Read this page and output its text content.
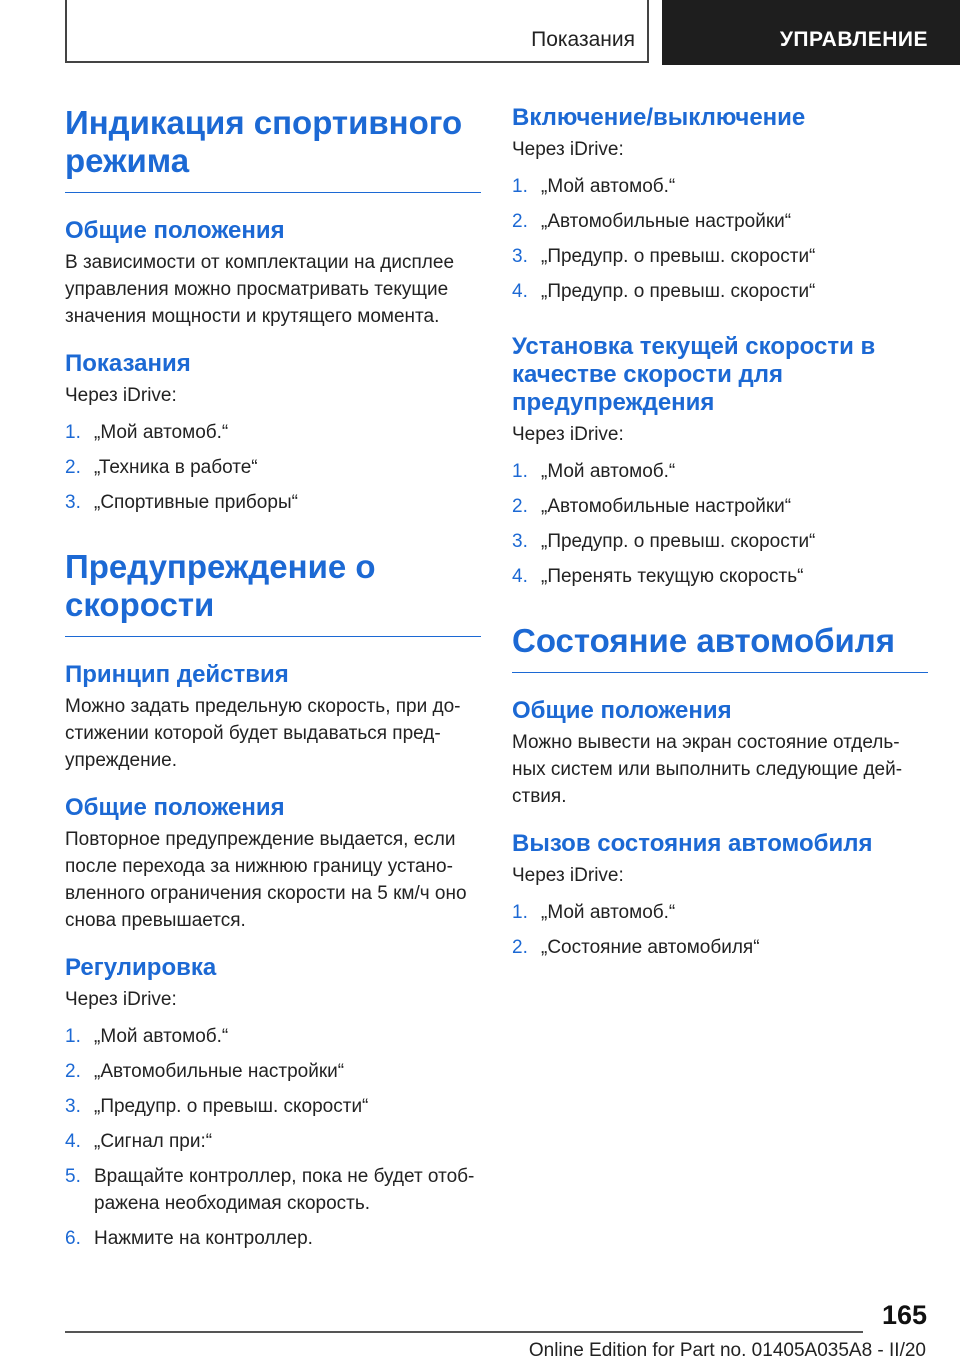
Показания	УПРАВЛЕНИЕ
Индикация спортивного режима
Общие положения

В зависимости от комплектации на дисплее управления можно просматривать текущие значения мощности и крутящего момента.

Показания

Через iDrive:

1. „Мой автомоб.“
2. „Техника в работе“
3. „Спортивные приборы“
Предупреждение о скорости
Принцип действия

Можно задать предельную скорость, при до-стижении которой будет выдаваться пред-упреждение.

Общие положения

Повторное предупреждение выдается, если после перехода за нижнюю границу устано-вленного ограничения скорости на 5 км/ч оно снова превышается.

Регулировка

Через iDrive:

1. „Мой автомоб.“
2. „Автомобильные настройки“
3. „Предупр. о превыш. скорости“
4. „Сигнал при:“
5. Вращайте контроллер, пока не будет отоб-ражена необходимая скорость.
6. Нажмите на контроллер.
Включение/выключение

Через iDrive:

1. „Мой автомоб.“
2. „Автомобильные настройки“
3. „Предупр. о превыш. скорости“
4. „Предупр. о превыш. скорости“
Установка текущей скорости в качестве скорости для предупреждения

Через iDrive:

1. „Мой автомоб.“
2. „Автомобильные настройки“
3. „Предупр. о превыш. скорости“
4. „Перенять текущую скорость“
Состояние автомобиля
Общие положения

Можно вывести на экран состояние отдель-ных систем или выполнить следующие дей-ствия.

Вызов состояния автомобиля

Через iDrive:

1. „Мой автомоб.“
2. „Состояние автомобиля“
165
Online Edition for Part no. 01405A035A8 - II/20
